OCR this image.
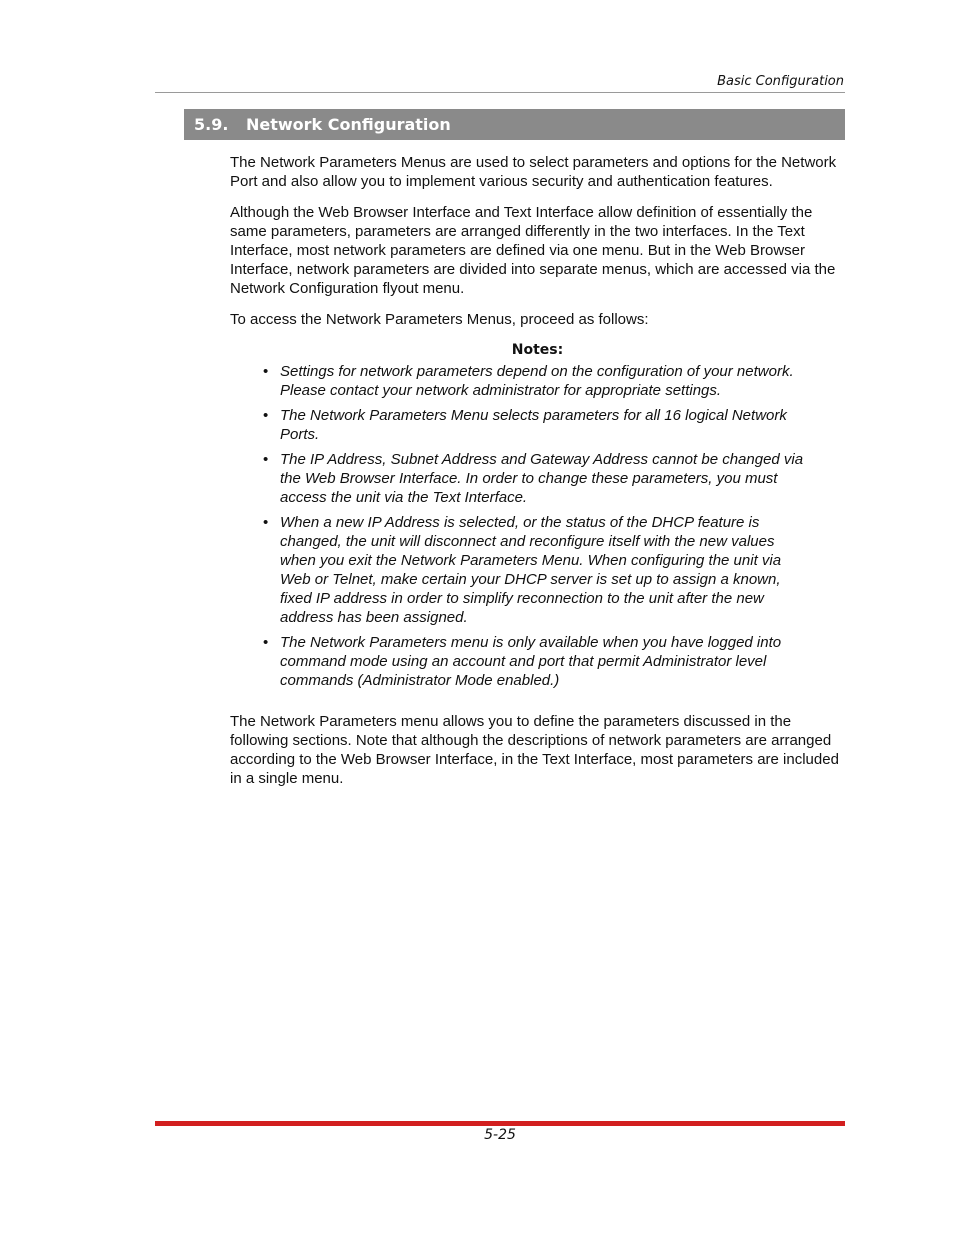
Basic Configuration
5.9.	Network Configuration

The Network Parameters Menus are used to select parameters and options for the Network Port and also allow you to implement various security and authentication features.

Although the Web Browser Interface and Text Interface allow definition of essentially the same parameters, parameters are arranged differently in the two interfaces. In the Text Interface, most network parameters are defined via one menu. But in the Web Browser Interface, network parameters are divided into separate menus, which are accessed via the Network Configuration flyout menu.

To access the Network Parameters Menus, proceed as follows:

Notes:
• Settings for network parameters depend on the configuration of your network. Please contact your network administrator for appropriate settings.
• The Network Parameters Menu selects parameters for all 16 logical Network Ports.
• The IP Address, Subnet Address and Gateway Address cannot be changed via the Web Browser Interface. In order to change these parameters, you must access the unit via the Text Interface.
• When a new IP Address is selected, or the status of the DHCP feature is changed, the unit will disconnect and reconfigure itself with the new values when you exit the Network Parameters Menu. When configuring the unit via Web or Telnet, make certain your DHCP server is set up to assign a known, fixed IP address in order to simplify reconnection to the unit after the new address has been assigned.
• The Network Parameters menu is only available when you have logged into command mode using an account and port that permit Administrator level commands (Administrator Mode enabled.)

The Network Parameters menu allows you to define the parameters discussed in the following sections. Note that although the descriptions of network parameters are arranged according to the Web Browser Interface, in the Text Interface, most parameters are included in a single menu.

5-25
